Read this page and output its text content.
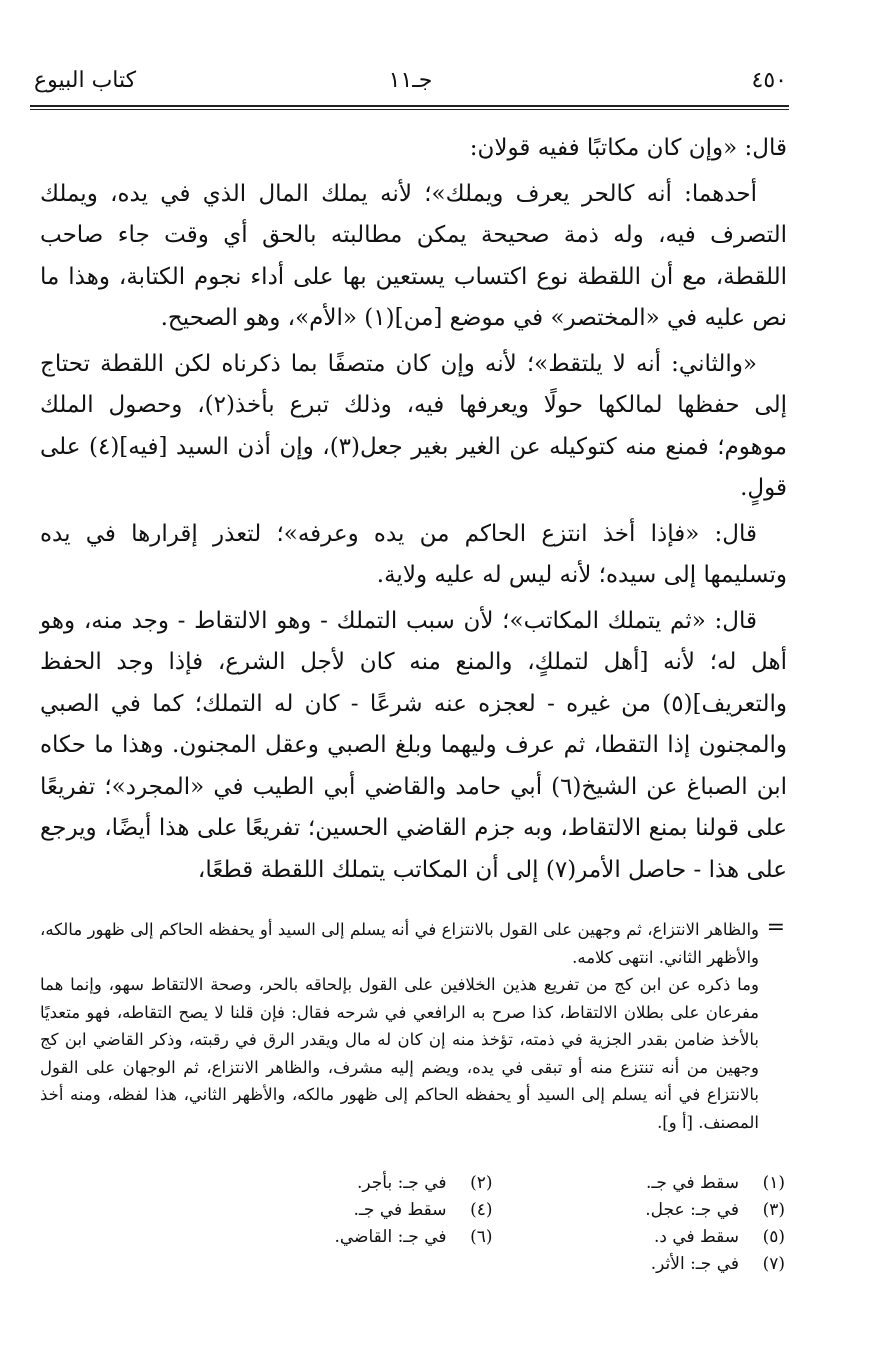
٤٥٠
جـ١١
كتاب البيوع

قال: «وإن كان مكاتبًا ففيه قولان:

أحدهما: أنه كالحر يعرف ويملك»؛ لأنه يملك المال الذي في يده، ويملك التصرف فيه، وله ذمة صحيحة يمكن مطالبته بالحق أي وقت جاء صاحب اللقطة، مع أن اللقطة نوع اكتساب يستعين بها على أداء نجوم الكتابة، وهذا ما نص عليه في «المختصر» في موضع [من](١) «الأم»، وهو الصحيح.

«والثاني: أنه لا يلتقط»؛ لأنه وإن كان متصفًا بما ذكرناه لكن اللقطة تحتاج إلى حفظها لمالكها حولًا ويعرفها فيه، وذلك تبرع بأخذ(٢)، وحصول الملك موهوم؛ فمنع منه كتوكيله عن الغير بغير جعل(٣)، وإن أذن السيد [فيه](٤) على قولٍ.

قال: «فإذا أخذ انتزع الحاكم من يده وعرفه»؛ لتعذر إقرارها في يده وتسليمها إلى سيده؛ لأنه ليس له عليه ولاية.

قال: «ثم يتملك المكاتب»؛ لأن سبب التملك - وهو الالتقاط - وجد منه، وهو أهل له؛ لأنه [أهل لتملكٍ، والمنع منه كان لأجل الشرع، فإذا وجد الحفظ والتعريف](٥) من غيره - لعجزه عنه شرعًا - كان له التملك؛ كما في الصبي والمجنون إذا التقطا، ثم عرف وليهما وبلغ الصبي وعقل المجنون. وهذا ما حكاه ابن الصباغ عن الشيخ(٦) أبي حامد والقاضي أبي الطيب في «المجرد»؛ تفريعًا على قولنا بمنع الالتقاط، وبه جزم القاضي الحسين؛ تفريعًا على هذا أيضًا، ويرجع على هذا - حاصل الأمر(٧) إلى أن المكاتب يتملك اللقطة قطعًا،

=

والظاهر الانتزاع، ثم وجهين على القول بالانتزاع في أنه يسلم إلى السيد أو يحفظه الحاكم إلى ظهور مالكه، والأظهر الثاني. انتهى كلامه.

وما ذكره عن ابن كج من تفريع هذين الخلافين على القول بإلحاقه بالحر، وصحة الالتقاط سهو، وإنما هما مفرعان على بطلان الالتقاط، كذا صرح به الرافعي في شرحه فقال: فإن قلنا لا يصح التقاطه، فهو متعديًا بالأخذ ضامن بقدر الجزية في ذمته، تؤخذ منه إن كان له مال ويقدر الرق في رقبته، وذكر القاضي ابن كج وجهين من أنه تنتزع منه أو تبقى في يده، ويضم إليه مشرف، والظاهر الانتزاع، ثم الوجهان على القول بالانتزاع في أنه يسلم إلى السيد أو يحفظه الحاكم إلى ظهور مالكه، والأظهر الثاني، هذا لفظه، ومنه أخذ المصنف. [أ و].

(١)سقط في جـ.
(٢)في جـ: بأجر.
(٣)في جـ: عجل.
(٤)سقط في جـ.
(٥)سقط في د.
(٦)في جـ: القاضي.
(٧)في جـ: الأثر.
